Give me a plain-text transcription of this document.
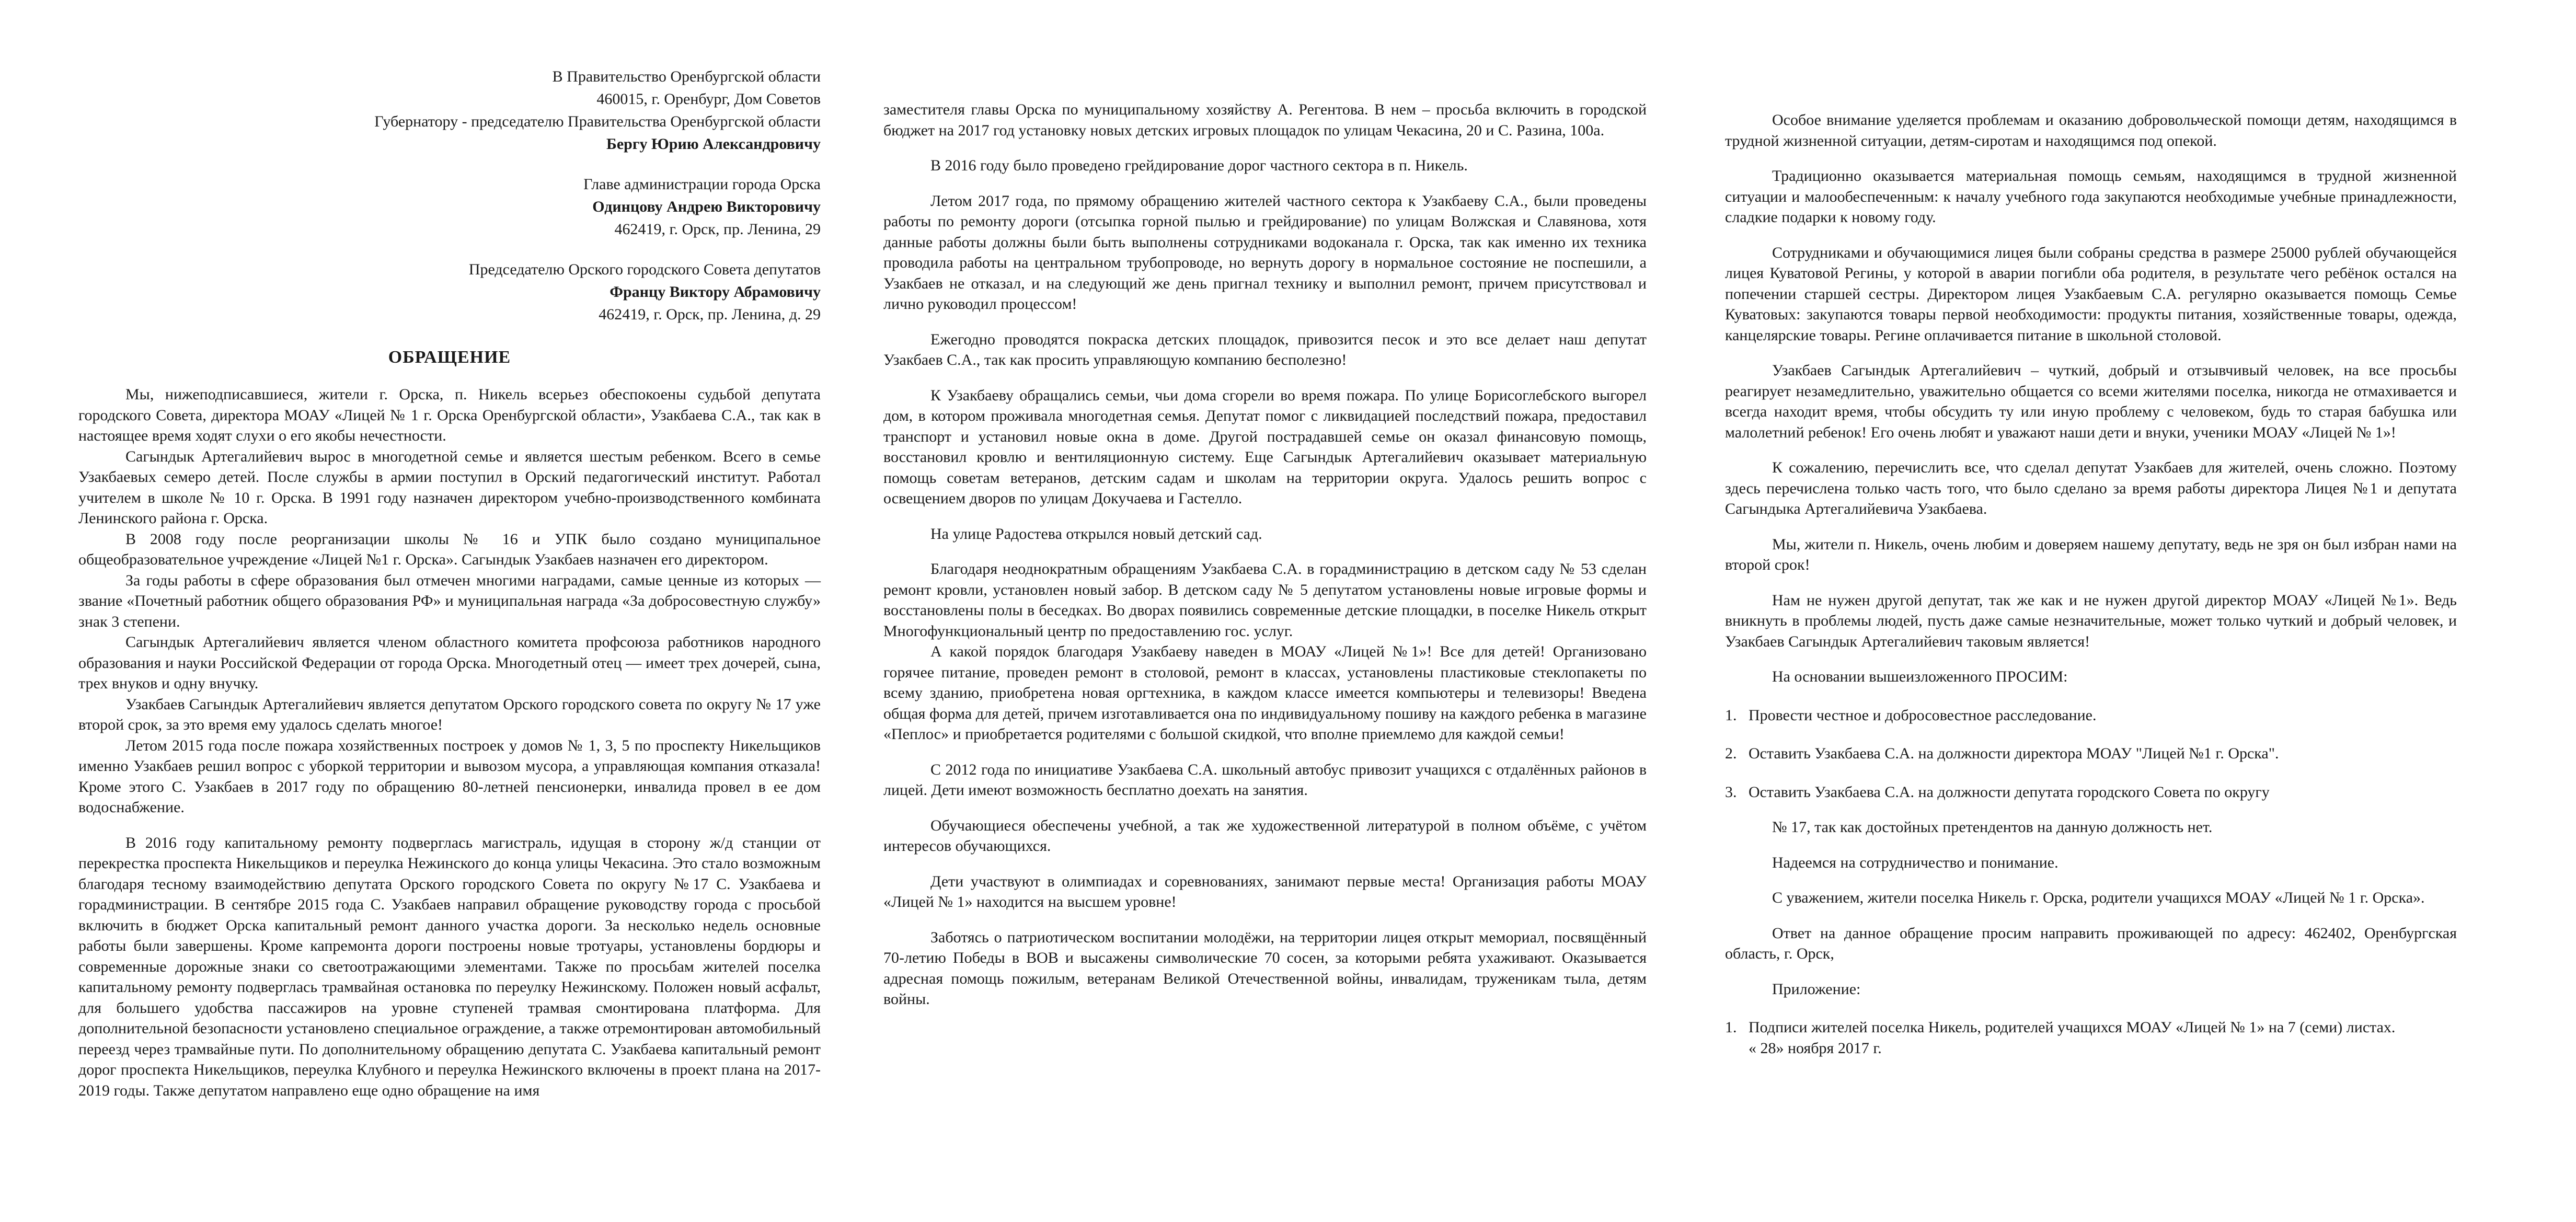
В Правительство Оренбургской области
460015, г. Оренбург, Дом Советов
Губернатору - председателю Правительства Оренбургской области
Бергу Юрию Александровичу
Главе администрации города Орска
Одинцову Андрею Викторовичу
462419, г. Орск, пр. Ленина, 29
Председателю Орского городского Совета депутатов
Францу Виктору Абрамовичу
462419, г. Орск, пр. Ленина, д. 29
ОБРАЩЕНИЕ

Мы, нижеподписавшиеся, жители г. Орска, п. Никель всерьез обеспокоены судьбой депутата городского Совета, директора МОАУ «Лицей № 1 г. Орска Оренбургской области», Узакбаева С.А., так как в настоящее время ходят слухи о его якобы нечестности.

Сагындык Артегалийевич вырос в многодетной семье и является шестым ребенком. Всего в семье Узакбаевых семеро детей. После службы в армии поступил в Орский педагогический институт. Работал учителем в школе № 10 г. Орска. В 1991 году назначен директором учебно-производственного комбината Ленинского района г. Орска.

В 2008 году после реорганизации школы № 16 и УПК было создано муниципальное общеобразовательное учреждение «Лицей №1 г. Орска». Сагындык Узакбаев назначен его директором.

За годы работы в сфере образования был отмечен многими наградами, самые ценные из которых — звание «Почетный работник общего образования РФ» и муниципальная награда «За добросовестную службу» знак 3 степени.

Сагындык Артегалийевич является членом областного комитета профсоюза работников народного образования и науки Российской Федерации от города Орска. Многодетный отец — имеет трех дочерей, сына, трех внуков и одну внучку.

Узакбаев Сагындык Артегалийевич является депутатом Орского городского совета по округу № 17 уже второй срок, за это время ему удалось сделать многое!

Летом 2015 года после пожара хозяйственных построек у домов № 1, 3, 5 по проспекту Никельщиков именно Узакбаев решил вопрос с уборкой территории и вывозом мусора, а управляющая компания отказала! Кроме этого С. Узакбаев в 2017 году по обращению 80-летней пенсионерки, инвалида провел в ее дом водоснабжение.

В 2016 году капитальному ремонту подверглась магистраль, идущая в сторону ж/д станции от перекрестка проспекта Никельщиков и переулка Нежинского до конца улицы Чекасина. Это стало возможным благодаря тесному взаимодействию депутата Орского городского Совета по округу №17 С. Узакбаева и горадминистрации. В сентябре 2015 года С. Узакбаев направил обращение руководству города с просьбой включить в бюджет Орска капитальный ремонт данного участка дороги. За несколько недель основные работы были завершены. Кроме капремонта дороги построены новые тротуары, установлены бордюры и современные дорожные знаки со светоотражающими элементами. Также по просьбам жителей поселка капитальному ремонту подверглась трамвайная остановка по переулку Нежинскому. Положен новый асфальт, для большего удобства пассажиров на уровне ступеней трамвая смонтирована платформа. Для дополнительной безопасности установлено специальное ограждение, а также отремонтирован автомобильный переезд через трамвайные пути. По дополнительному обращению депутата С. Узакбаева капитальный ремонт дорог проспекта Никельщиков, переулка Клубного и переулка Нежинского включены в проект плана на 2017-2019 годы. Также депутатом направлено еще одно обращение на имя

заместителя главы Орска по муниципальному хозяйству А. Регентова. В нем – просьба включить в городской бюджет на 2017 год установку новых детских игровых площадок по улицам Чекасина, 20 и С. Разина, 100а.

В 2016 году было проведено грейдирование дорог частного сектора в п. Никель.

Летом 2017 года, по прямому обращению жителей частного сектора к Узакбаеву С.А., были проведены работы по ремонту дороги (отсыпка горной пылью и грейдирование) по улицам Волжская и Славянова, хотя данные работы должны были быть выполнены сотрудниками водоканала г. Орска, так как именно их техника проводила работы на центральном трубопроводе, но вернуть дорогу в нормальное состояние не поспешили, а Узакбаев не отказал, и на следующий же день пригнал технику и выполнил ремонт, причем присутствовал и лично руководил процессом!

Ежегодно проводятся покраска детских площадок, привозится песок и это все делает наш депутат Узакбаев С.А., так как просить управляющую компанию бесполезно!

К Узакбаеву обращались семьи, чьи дома сгорели во время пожара. По улице Борисоглебского выгорел дом, в котором проживала многодетная семья. Депутат помог с ликвидацией последствий пожара, предоставил транспорт и установил новые окна в доме. Другой пострадавшей семье он оказал финансовую помощь, восстановил кровлю и вентиляционную систему. Еще Сагындык Артегалийевич оказывает материальную помощь советам ветеранов, детским садам и школам на территории округа. Удалось решить вопрос с освещением дворов по улицам Докучаева и Гастелло.

На улице Радостева открылся новый детский сад.

Благодаря неоднократным обращениям Узакбаева С.А. в горадминистрацию в детском саду № 53 сделан ремонт кровли, установлен новый забор. В детском саду № 5 депутатом установлены новые игровые формы и восстановлены полы в беседках. Во дворах появились современные детские площадки, в поселке Никель открыт Многофункциональный центр по предоставлению гос. услуг.

А какой порядок благодаря Узакбаеву наведен в МОАУ «Лицей №1»! Все для детей! Организовано горячее питание, проведен ремонт в столовой, ремонт в классах, установлены пластиковые стеклопакеты по всему зданию, приобретена новая оргтехника, в каждом классе имеется компьютеры и телевизоры! Введена общая форма для детей, причем изготавливается она по индивидуальному пошиву на каждого ребенка в магазине «Пеплос» и приобретается родителями с большой скидкой, что вполне приемлемо для каждой семьи!

С 2012 года по инициативе Узакбаева С.А. школьный автобус привозит учащихся с отдалённых районов в лицей. Дети имеют возможность бесплатно доехать на занятия.

Обучающиеся обеспечены учебной, а так же художественной литературой в полном объёме, с учётом интересов обучающихся.

Дети участвуют в олимпиадах и соревнованиях, занимают первые места! Организация работы МОАУ «Лицей № 1» находится на высшем уровне!

Заботясь о патриотическом воспитании молодёжи, на территории лицея открыт мемориал, посвящённый 70-летию Победы в ВОВ и высажены символические 70 сосен, за которыми ребята ухаживают. Оказывается адресная помощь пожилым, ветеранам Великой Отечественной войны, инвалидам, труженикам тыла, детям войны.

Особое внимание уделяется проблемам и оказанию добровольческой помощи детям, находящимся в трудной жизненной ситуации, детям-сиротам и находящимся под опекой.

Традиционно оказывается материальная помощь семьям, находящимся в трудной жизненной ситуации и малообеспеченным: к началу учебного года закупаются необходимые учебные принадлежности, сладкие подарки к новому году.

Сотрудниками и обучающимися лицея были собраны средства в размере 25000 рублей обучающейся лицея Куватовой Регины, у которой в аварии погибли оба родителя, в результате чего ребёнок остался на попечении старшей сестры. Директором лицея Узакбаевым С.А. регулярно оказывается помощь Семье Куватовых: закупаются товары первой необходимости: продукты питания, хозяйственные товары, одежда, канцелярские товары. Регине оплачивается питание в школьной столовой.

Узакбаев Сагындык Артегалийевич – чуткий, добрый и отзывчивый человек, на все просьбы реагирует незамедлительно, уважительно общается со всеми жителями поселка, никогда не отмахивается и всегда находит время, чтобы обсудить ту или иную проблему с человеком, будь то старая бабушка или малолетний ребенок! Его очень любят и уважают наши дети и внуки, ученики МОАУ «Лицей № 1»!

К сожалению, перечислить все, что сделал депутат Узакбаев для жителей, очень сложно. Поэтому здесь перечислена только часть того, что было сделано за время работы директора Лицея №1 и депутата Сагындыка Артегалийевича Узакбаева.

Мы, жители п. Никель, очень любим и доверяем нашему депутату, ведь не зря он был избран нами на второй срок!

Нам не нужен другой депутат, так же как и не нужен другой директор МОАУ «Лицей №1». Ведь вникнуть в проблемы людей, пусть даже самые незначительные, может только чуткий и добрый человек, и Узакбаев Сагындык Артегалийевич таковым является!

На основании вышеизложенного ПРОСИМ:

1. Провести честное и добросовестное расследование.
2. Оставить Узакбаева С.А. на должности директора МОАУ "Лицей №1 г. Орска".
3. Оставить Узакбаева С.А. на должности депутата городского Совета по округу

№ 17, так как достойных претендентов на данную должность нет.

Надеемся на сотрудничество и понимание.

С уважением, жители поселка Никель г. Орска, родители учащихся МОАУ «Лицей № 1 г. Орска».

Ответ на данное обращение просим направить проживающей по адресу: 462402, Оренбургская область, г. Орск,

Приложение:

1. Подписи жителей поселка Никель, родителей учащихся МОАУ «Лицей № 1» на 7 (семи) листах.

« 28» ноября 2017 г.
